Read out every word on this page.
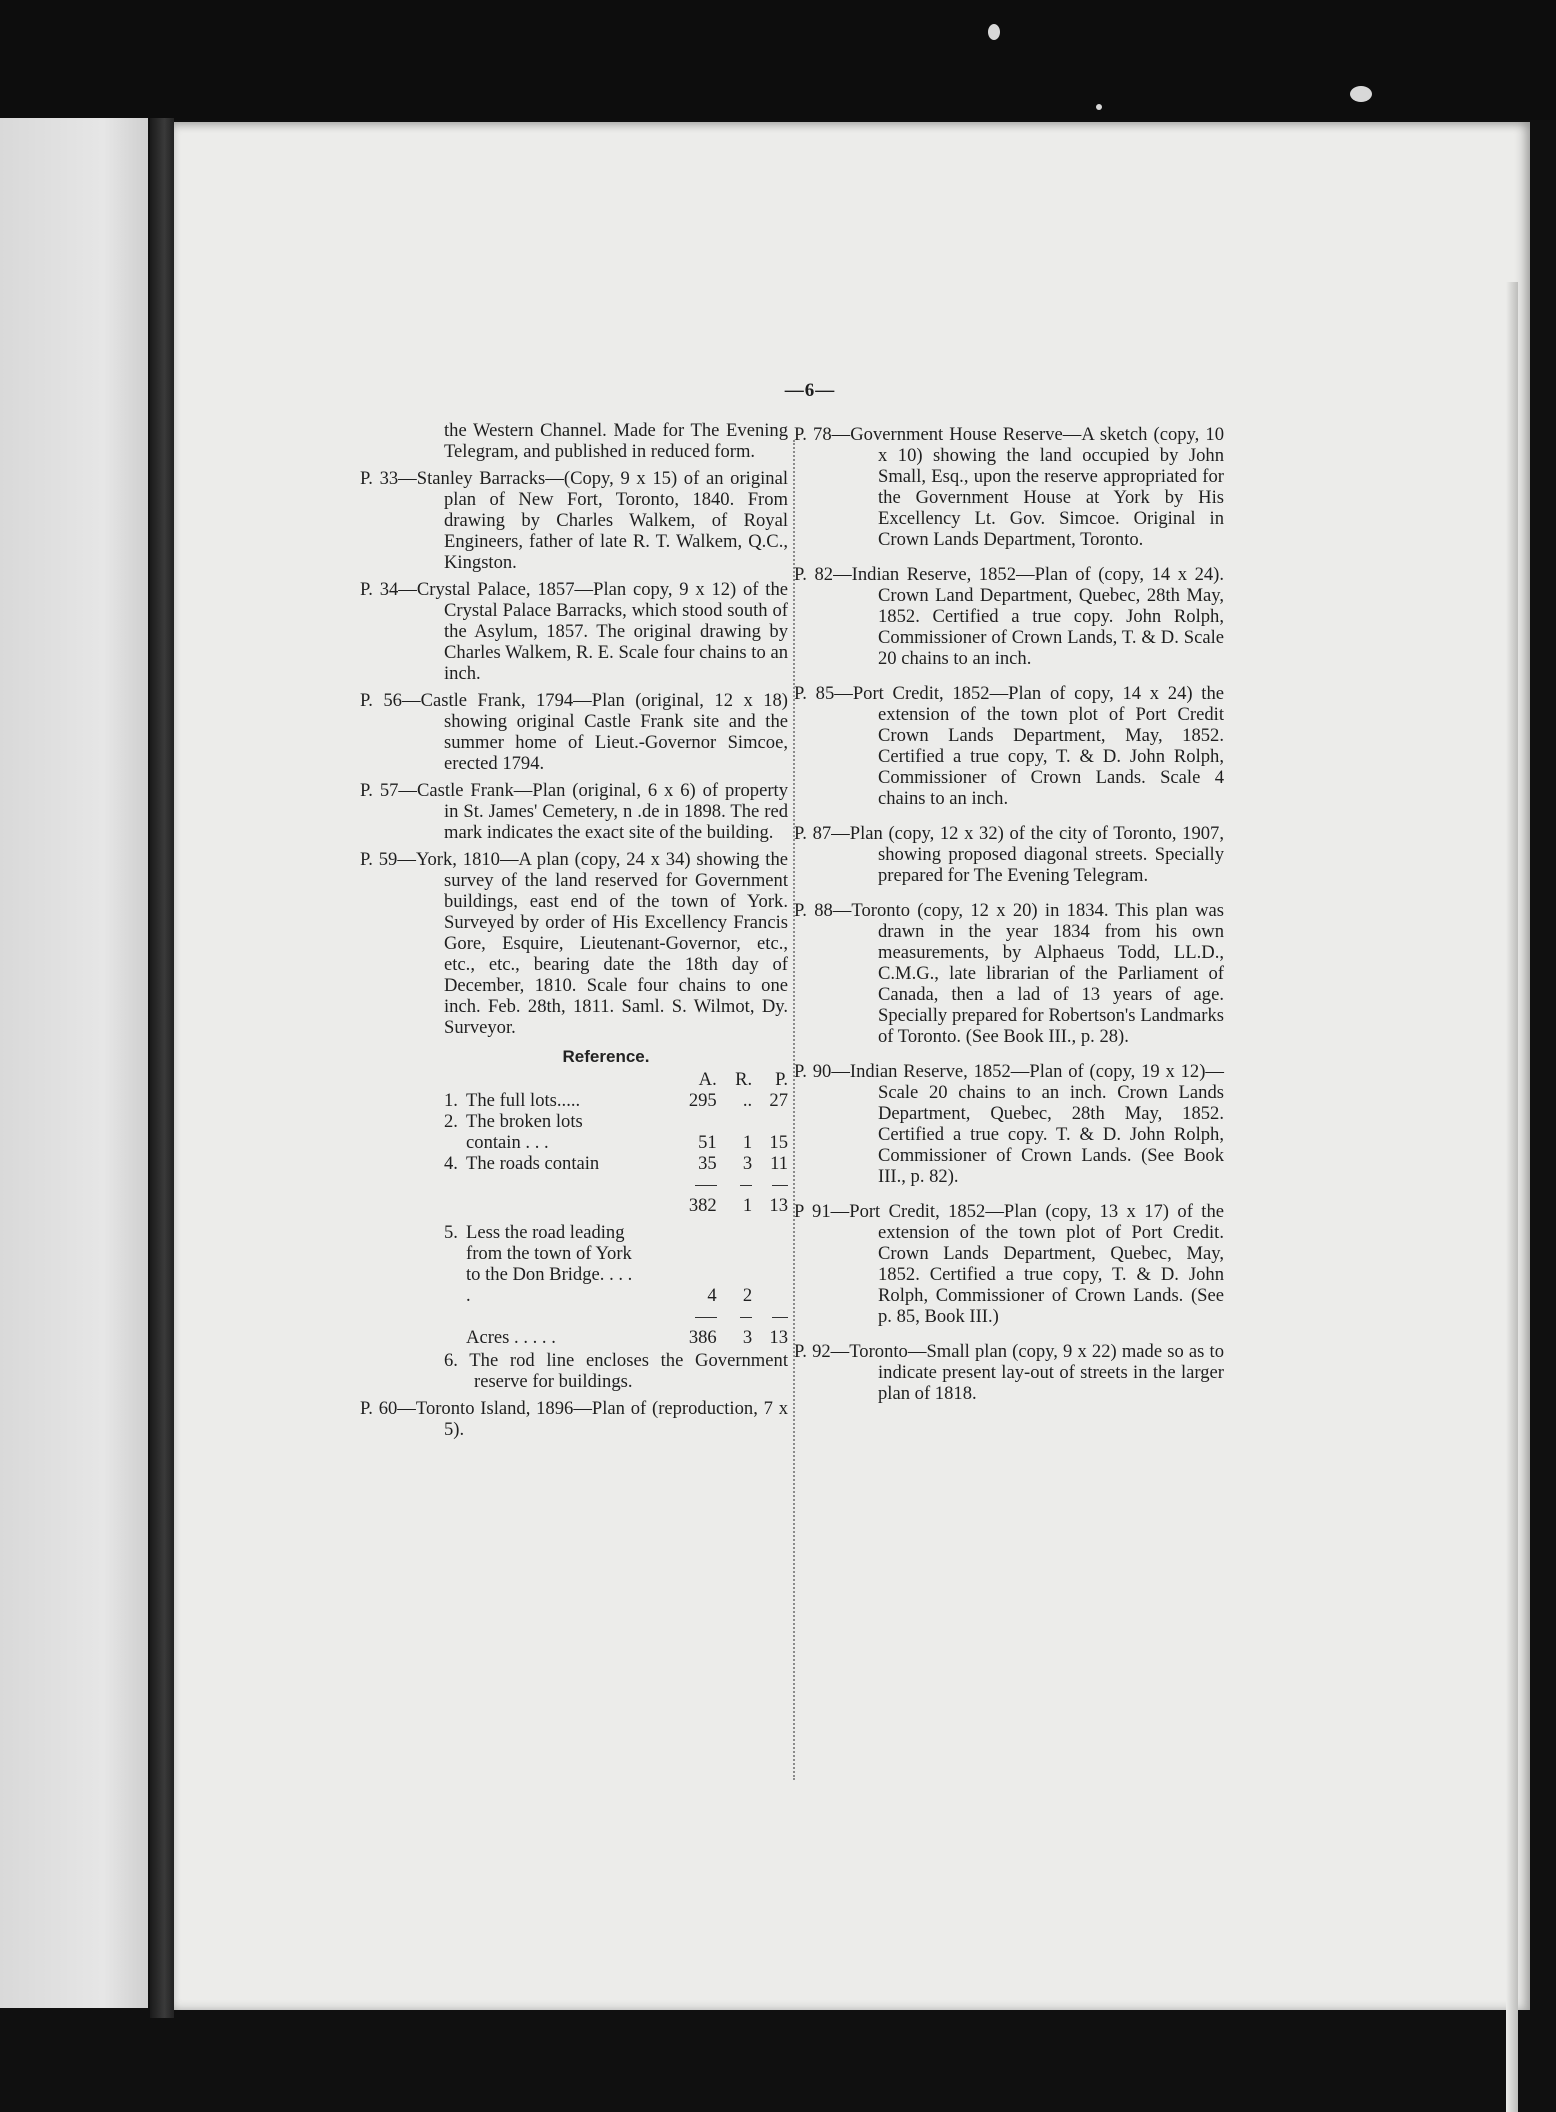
—6—

the Western Channel. Made for The Evening Telegram, and published in reduced form.

P. 33—Stanley Barracks—(Copy, 9 x 15) of an original plan of New Fort, Toronto, 1840. From drawing by Charles Walkem, of Royal Engineers, father of late R. T. Walkem, Q.C., Kingston.

P. 34—Crystal Palace, 1857—Plan copy, 9 x 12) of the Crystal Palace Barracks, which stood south of the Asylum, 1857. The original drawing by Charles Walkem, R. E. Scale four chains to an inch.

P. 56—Castle Frank, 1794—Plan (original, 12 x 18) showing original Castle Frank site and the summer home of Lieut.-Governor Simcoe, erected 1794.

P. 57—Castle Frank—Plan (original, 6 x 6) of property in St. James' Cemetery, n .de in 1898. The red mark indicates the exact site of the building.

P. 59—York, 1810—A plan (copy, 24 x 34) showing the survey of the land reserved for Government buildings, east end of the town of York. Surveyed by order of His Excellency Francis Gore, Esquire, Lieutenant-Governor, etc., etc., etc., bearing date the 18th day of December, 1810. Scale four chains to one inch. Feb. 28th, 1811. Saml. S. Wilmot, Dy. Surveyor.

Reference.
		A.	R.	P.
1.	The full lots.....	295	..	27
2.	The broken lots			
	contain . . .	51	1	15
4.	The roads contain	35	3	11

		382	1	13
5.	Less the road leading from the town of York to the Don Bridge. . . . .	4	2	

	Acres . . . . .	386	3	13

6. The rod line encloses the Government reserve for buildings.

P. 60—Toronto Island, 1896—Plan of (reproduction, 7 x 5).

P. 78—Government House Reserve—A sketch (copy, 10 x 10) showing the land occupied by John Small, Esq., upon the reserve appropriated for the Government House at York by His Excellency Lt. Gov. Simcoe. Original in Crown Lands Department, Toronto.

P. 82—Indian Reserve, 1852—Plan of (copy, 14 x 24). Crown Land Department, Quebec, 28th May, 1852. Certified a true copy. John Rolph, Commissioner of Crown Lands, T. & D. Scale 20 chains to an inch.

P. 85—Port Credit, 1852—Plan of copy, 14 x 24) the extension of the town plot of Port Credit Crown Lands Department, May, 1852. Certified a true copy, T. & D. John Rolph, Commissioner of Crown Lands. Scale 4 chains to an inch.

P. 87—Plan (copy, 12 x 32) of the city of Toronto, 1907, showing proposed diagonal streets. Specially prepared for The Evening Telegram.

P. 88—Toronto (copy, 12 x 20) in 1834. This plan was drawn in the year 1834 from his own measurements, by Alphaeus Todd, LL.D., C.M.G., late librarian of the Parliament of Canada, then a lad of 13 years of age. Specially prepared for Robertson's Landmarks of Toronto. (See Book III., p. 28).

P. 90—Indian Reserve, 1852—Plan of (copy, 19 x 12)—Scale 20 chains to an inch. Crown Lands Department, Quebec, 28th May, 1852. Certified a true copy. T. & D. John Rolph, Commissioner of Crown Lands. (See Book III., p. 82).

P 91—Port Credit, 1852—Plan (copy, 13 x 17) of the extension of the town plot of Port Credit. Crown Lands Department, Quebec, May, 1852. Certified a true copy, T. & D. John Rolph, Commissioner of Crown Lands. (See p. 85, Book III.)

P. 92—Toronto—Small plan (copy, 9 x 22) made so as to indicate present lay-out of streets in the larger plan of 1818.
